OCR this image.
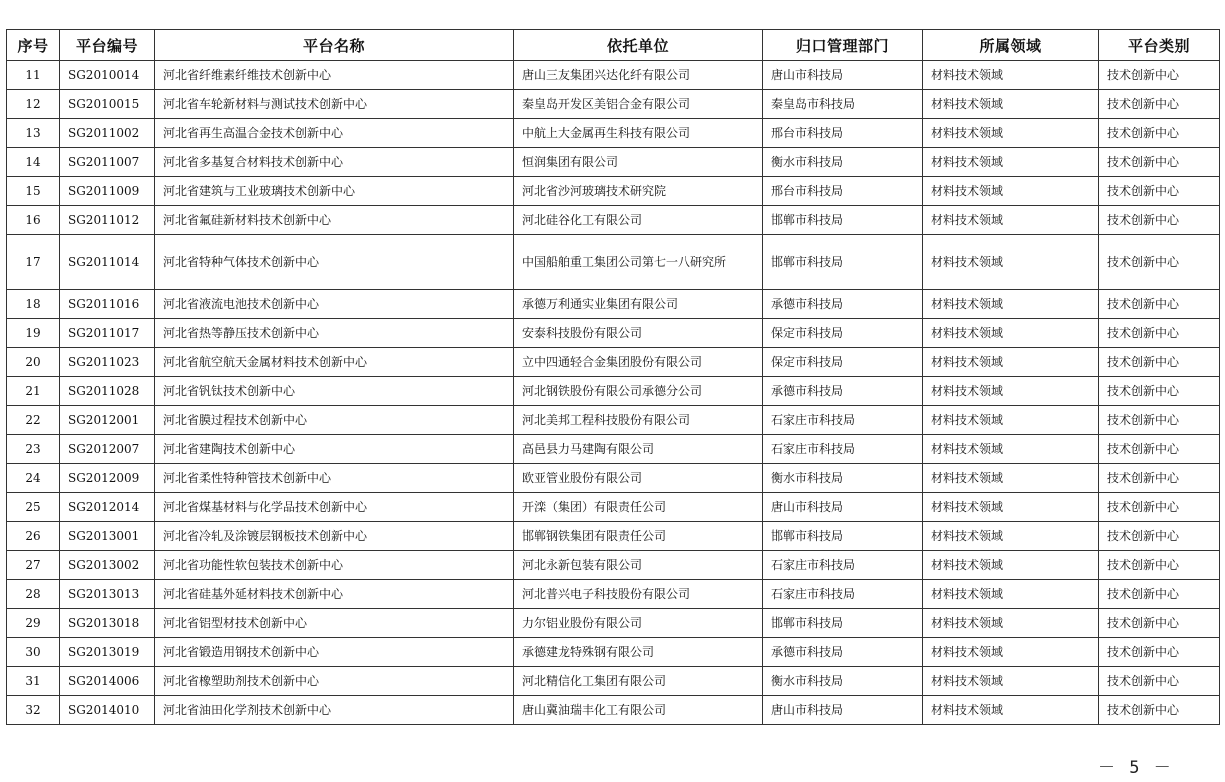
序号	平台编号	平台名称	依托单位	归口管理部门	所属领域	平台类别
11	SG2010014	河北省纤维素纤维技术创新中心	唐山三友集团兴达化纤有限公司	唐山市科技局	材料技术领域	技术创新中心
12	SG2010015	河北省车轮新材料与测试技术创新中心	秦皇岛开发区美铝合金有限公司	秦皇岛市科技局	材料技术领域	技术创新中心
13	SG2011002	河北省再生高温合金技术创新中心	中航上大金属再生科技有限公司	邢台市科技局	材料技术领域	技术创新中心
14	SG2011007	河北省多基复合材料技术创新中心	恒润集团有限公司	衡水市科技局	材料技术领域	技术创新中心
15	SG2011009	河北省建筑与工业玻璃技术创新中心	河北省沙河玻璃技术研究院	邢台市科技局	材料技术领域	技术创新中心
16	SG2011012	河北省氟硅新材料技术创新中心	河北硅谷化工有限公司	邯郸市科技局	材料技术领域	技术创新中心
17	SG2011014	河北省特种气体技术创新中心	中国船舶重工集团公司第七一八研究所	邯郸市科技局	材料技术领域	技术创新中心
18	SG2011016	河北省液流电池技术创新中心	承德万利通实业集团有限公司	承德市科技局	材料技术领域	技术创新中心
19	SG2011017	河北省热等静压技术创新中心	安泰科技股份有限公司	保定市科技局	材料技术领域	技术创新中心
20	SG2011023	河北省航空航天金属材料技术创新中心	立中四通轻合金集团股份有限公司	保定市科技局	材料技术领域	技术创新中心
21	SG2011028	河北省钒钛技术创新中心	河北钢铁股份有限公司承德分公司	承德市科技局	材料技术领域	技术创新中心
22	SG2012001	河北省膜过程技术创新中心	河北美邦工程科技股份有限公司	石家庄市科技局	材料技术领域	技术创新中心
23	SG2012007	河北省建陶技术创新中心	高邑县力马建陶有限公司	石家庄市科技局	材料技术领域	技术创新中心
24	SG2012009	河北省柔性特种管技术创新中心	欧亚管业股份有限公司	衡水市科技局	材料技术领域	技术创新中心
25	SG2012014	河北省煤基材料与化学品技术创新中心	开滦（集团）有限责任公司	唐山市科技局	材料技术领域	技术创新中心
26	SG2013001	河北省冷轧及涂镀层钢板技术创新中心	邯郸钢铁集团有限责任公司	邯郸市科技局	材料技术领域	技术创新中心
27	SG2013002	河北省功能性软包装技术创新中心	河北永新包装有限公司	石家庄市科技局	材料技术领域	技术创新中心
28	SG2013013	河北省硅基外延材料技术创新中心	河北普兴电子科技股份有限公司	石家庄市科技局	材料技术领域	技术创新中心
29	SG2013018	河北省铝型材技术创新中心	力尔铝业股份有限公司	邯郸市科技局	材料技术领域	技术创新中心
30	SG2013019	河北省锻造用钢技术创新中心	承德建龙特殊钢有限公司	承德市科技局	材料技术领域	技术创新中心
31	SG2014006	河北省橡塑助剂技术创新中心	河北精信化工集团有限公司	衡水市科技局	材料技术领域	技术创新中心
32	SG2014010	河北省油田化学剂技术创新中心	唐山冀油瑞丰化工有限公司	唐山市科技局	材料技术领域	技术创新中心
－ 5 －
